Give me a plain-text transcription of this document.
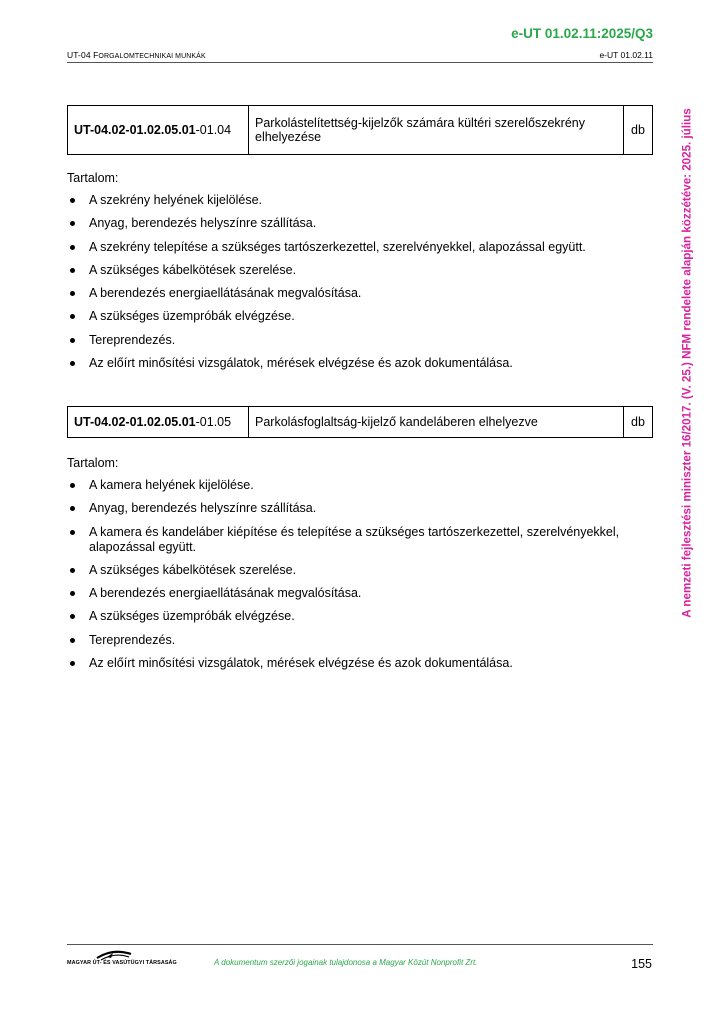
e-UT 01.02.11:2025/Q3
UT-04 FORGALOMTECHNIKAI MUNKÁK	e-UT 01.02.11
A nemzeti fejlesztési miniszter 16/2017. (V. 25.) NFM rendelete alapján közzétéve: 2025. július
UT-04.02-01.02.05.01-01.04	Parkolástelítettség-kijelzők számára kültéri szerelőszekrény elhelyezése	db
Tartalom:
A szekrény helyének kijelölése.
Anyag, berendezés helyszínre szállítása.
A szekrény telepítése a szükséges tartószerkezettel, szerelvényekkel, alapozással együtt.
A szükséges kábelkötések szerelése.
A berendezés energiaellátásának megvalósítása.
A szükséges üzempróbák elvégzése.
Tereprendezés.
Az előírt minősítési vizsgálatok, mérések elvégzése és azok dokumentálása.
UT-04.02-01.02.05.01-01.05	Parkolásfoglaltság-kijelző kandeláberen elhelyezve	db
Tartalom:
A kamera helyének kijelölése.
Anyag, berendezés helyszínre szállítása.
A kamera és kandeláber kiépítése és telepítése a szükséges tartószerkezettel, szerelvényekkel, alapozással együtt.
A szükséges kábelkötések szerelése.
A berendezés energiaellátásának megvalósítása.
A szükséges üzempróbák elvégzése.
Tereprendezés.
Az előírt minősítési vizsgálatok, mérések elvégzése és azok dokumentálása.
MAGYAR ÚT- ÉS VASÚTÜGYI TÁRSASÁG	A dokumentum szerzői jogainak tulajdonosa a Magyar Közút Nonprofit Zrt.	155
